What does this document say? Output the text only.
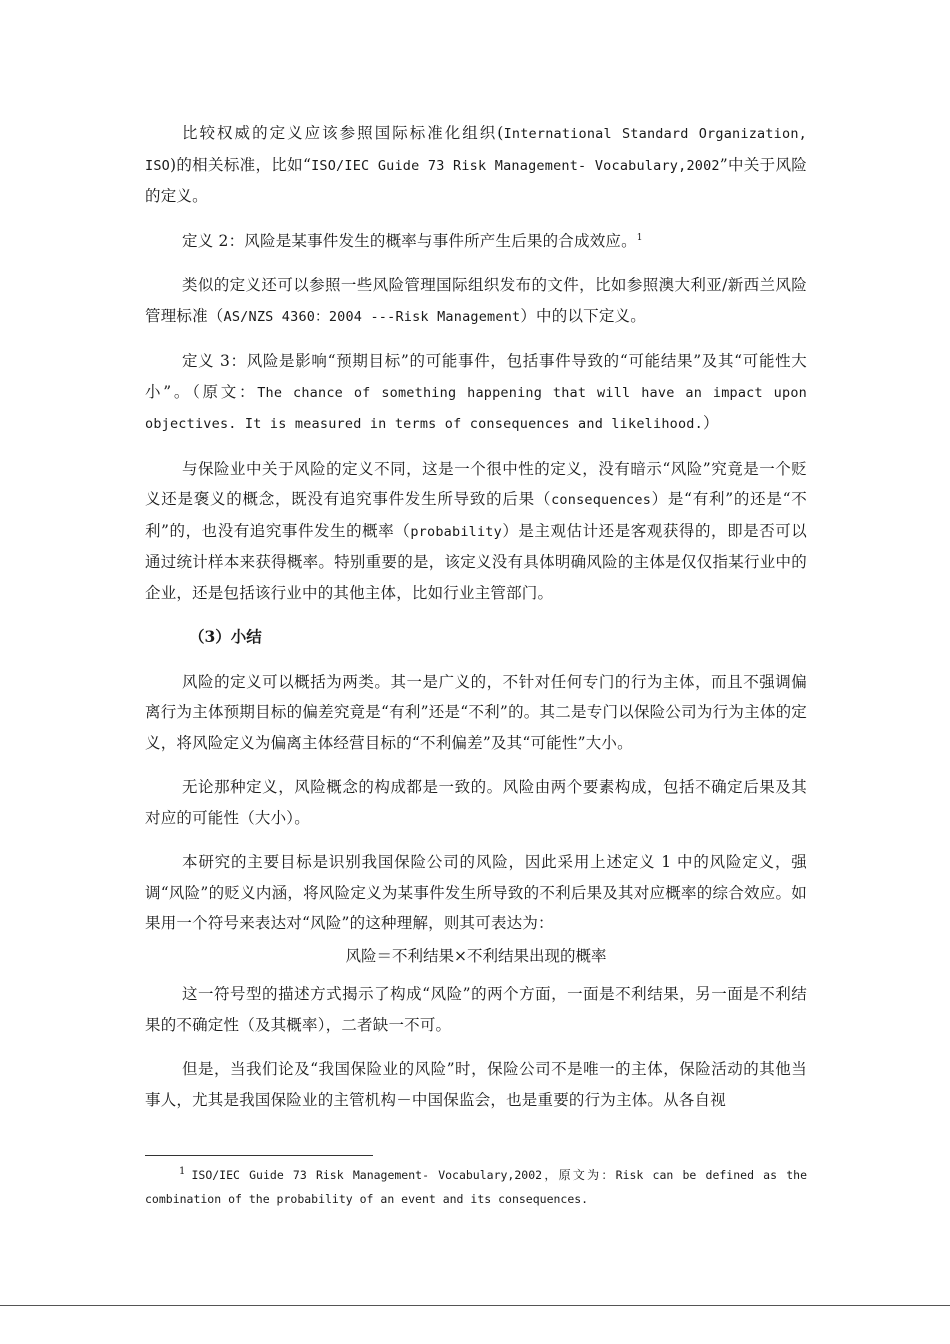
比较权威的定义应该参照国际标准化组织(International Standard Organization, ISO)的相关标准，比如“ISO/IEC Guide 73 Risk Management- Vocabulary,2002”中关于风险的定义。

定义 2：风险是某事件发生的概率与事件所产生后果的合成效应。$^1$

类似的定义还可以参照一些风险管理国际组织发布的文件，比如参照澳大利亚/新西兰风险管理标准（AS/NZS 4360：2004 ---Risk Management）中的以下定义。

定义 3：风险是影响“预期目标”的可能事件，包括事件导致的“可能结果”及其“可能性大小”。（原文：The chance of something happening that will have an impact upon objectives. It is measured in terms of consequences and likelihood.）

与保险业中关于风险的定义不同，这是一个很中性的定义，没有暗示“风险”究竟是一个贬义还是褒义的概念，既没有追究事件发生所导致的后果（consequences）是“有利”的还是“不利”的，也没有追究事件发生的概率（probability）是主观估计还是客观获得的，即是否可以通过统计样本来获得概率。特别重要的是，该定义没有具体明确风险的主体是仅仅指某行业中的企业，还是包括该行业中的其他主体，比如行业主管部门。

（3）小结

风险的定义可以概括为两类。其一是广义的，不针对任何专门的行为主体，而且不强调偏离行为主体预期目标的偏差究竟是“有利”还是“不利”的。其二是专门以保险公司为行为主体的定义，将风险定义为偏离主体经营目标的“不利偏差”及其“可能性”大小。

无论那种定义，风险概念的构成都是一致的。风险由两个要素构成，包括不确定后果及其对应的可能性（大小）。

本研究的主要目标是识别我国保险公司的风险，因此采用上述定义 1 中的风险定义，强调“风险”的贬义内涵，将风险定义为某事件发生所导致的不利后果及其对应概率的综合效应。如果用一个符号来表达对“风险”的这种理解，则其可表达为：

风险＝不利结果×不利结果出现的概率

这一符号型的描述方式揭示了构成“风险”的两个方面，一面是不利结果，另一面是不利结果的不确定性（及其概率），二者缺一不可。

但是，当我们论及“我国保险业的风险”时，保险公司不是唯一的主体，保险活动的其他当事人，尤其是我国保险业的主管机构－中国保监会，也是重要的行为主体。从各自视

1 ISO/IEC Guide 73 Risk Management- Vocabulary,2002，原文为：Risk can be defined as the combination of the probability of an event and its consequences.
